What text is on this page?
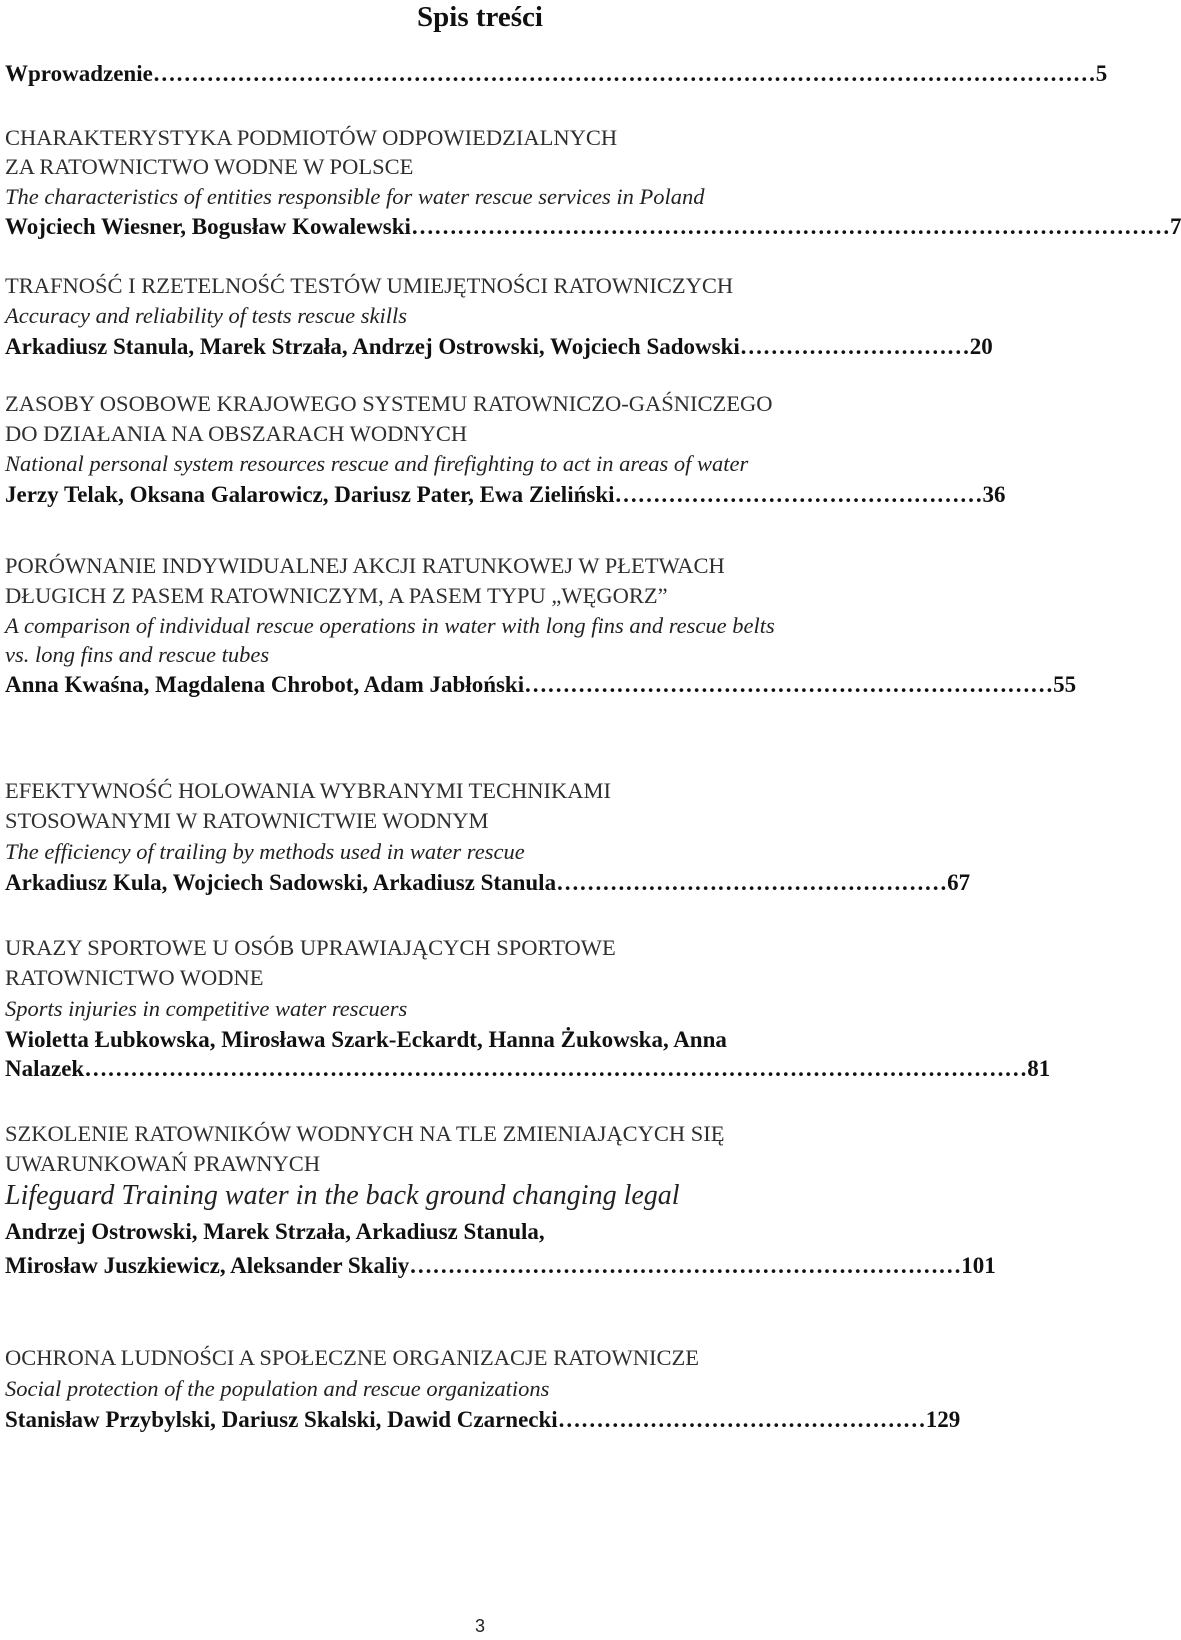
Spis treści
Wprowadzenie …………………………………………………………………………………………………………… 5
CHARAKTERYSTYKA PODMIOTÓW ODPOWIEDZIALNYCH
ZA RATOWNICTWO WODNE W POLSCE
The characteristics of entities responsible for water rescue services in Poland
Wojciech Wiesner, Bogusław Kowalewski ……………………………………………………………………………………… 7
TRAFNOŚĆ I RZETELNOŚĆ TESTÓW UMIEJĘTNOŚCI RATOWNICZYCH
Accuracy and reliability of tests rescue skills
Arkadiusz Stanula, Marek Strzała, Andrzej Ostrowski, Wojciech Sadowski ………………………… 20
ZASOBY OSOBOWE KRAJOWEGO SYSTEMU RATOWNICZO-GAŚNICZEGO
DO DZIAŁANIA NA OBSZARACH WODNYCH
National personal system resources rescue and firefighting to act in areas of water
Jerzy Telak, Oksana Galarowicz, Dariusz Pater, Ewa Zieliński ………………………………………… 36
PORÓWNANIE INDYWIDUALNEJ AKCJI RATUNKOWEJ W PŁETWACH
DŁUGICH Z PASEM RATOWNICZYM, A PASEM TYPU „WĘGORZ”
A comparison of individual rescue operations in water with long fins and rescue belts
vs. long fins and rescue tubes
Anna Kwaśna, Magdalena Chrobot, Adam Jabłoński …………………………………………………………… 55
EFEKTYWNOŚĆ HOLOWANIA WYBRANYMI TECHNIKAMI
STOSOWANYMI W RATOWNICTWIE WODNYM
The efficiency of trailing by methods used in water rescue
Arkadiusz Kula, Wojciech Sadowski, Arkadiusz Stanula …………………………………………… 67
URAZY SPORTOWE U OSÓB UPRAWIAJĄCYCH SPORTOWE
RATOWNICTWO WODNE
Sports injuries in competitive water rescuers
Wioletta Łubkowska, Mirosława Szark-Eckardt, Hanna Żukowska, Anna
Nalazek …………………………………………………………………………………………………………… 81
SZKOLENIE RATOWNIKÓW WODNYCH NA TLE ZMIENIAJĄCYCH SIĘ
UWARUNKOWAŃ PRAWNYCH
Lifeguard Training water in the back ground changing legal
Andrzej Ostrowski, Marek Strzała, Arkadiusz Stanula,
Mirosław Juszkiewicz, Aleksander Skaliy ……………………………………………………………… 101
OCHRONA LUDNOŚCI A SPOŁECZNE ORGANIZACJE RATOWNICZE
Social protection of the population and rescue organizations
Stanisław Przybylski, Dariusz Skalski, Dawid Czarnecki ………………………………………… 129
3
